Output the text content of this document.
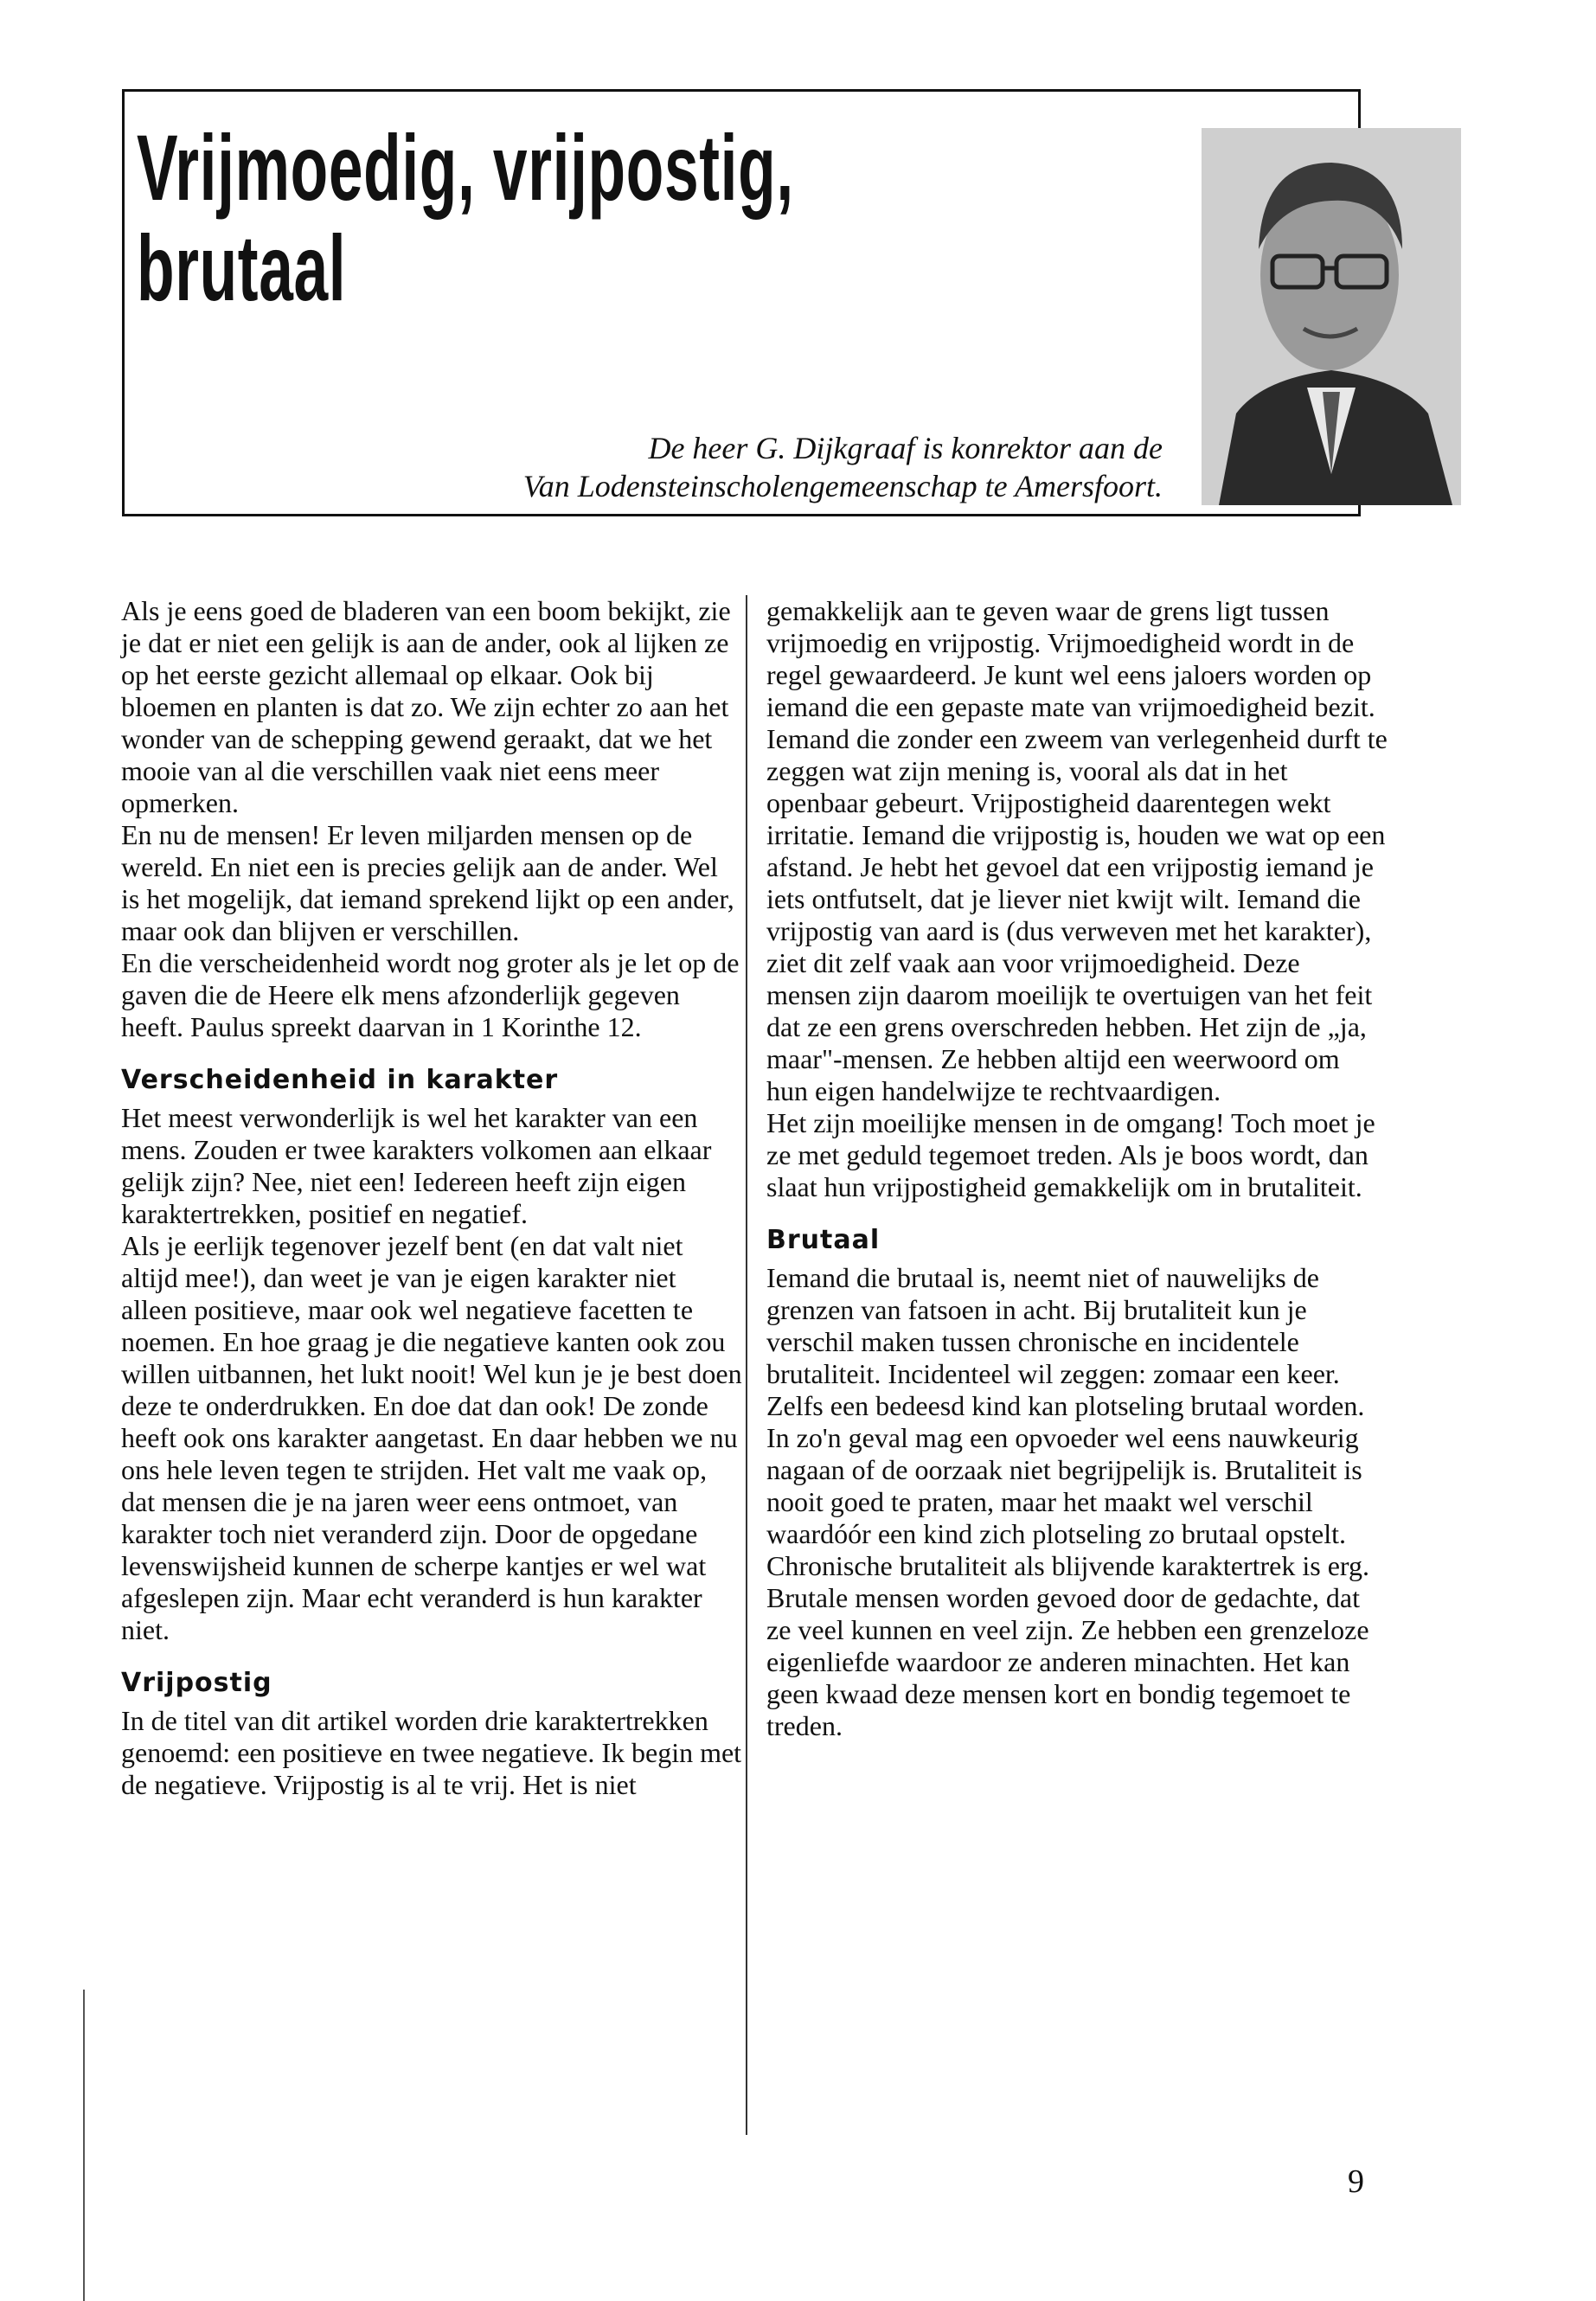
Vrijmoedig, vrijpostig,
brutaal

De heer G. Dijkgraaf is konrektor aan de
Van Lodensteinscholengemeenschap te Amersfoort.

Als je eens goed de bladeren van een boom bekijkt, zie je dat er niet een gelijk is aan de ander, ook al lijken ze op het eerste gezicht allemaal op elkaar. Ook bij bloemen en planten is dat zo. We zijn echter zo aan het wonder van de schepping gewend geraakt, dat we het mooie van al die verschillen vaak niet eens meer opmerken.

En nu de mensen! Er leven miljarden mensen op de wereld. En niet een is precies gelijk aan de ander. Wel is het mogelijk, dat iemand sprekend lijkt op een ander, maar ook dan blijven er verschillen.

En die verscheidenheid wordt nog groter als je let op de gaven die de Heere elk mens afzonderlijk gegeven heeft. Paulus spreekt daarvan in 1 Korinthe 12.

Verscheidenheid in karakter

Het meest verwonderlijk is wel het karakter van een mens. Zouden er twee karakters volkomen aan elkaar gelijk zijn? Nee, niet een! Iedereen heeft zijn eigen karaktertrekken, positief en negatief.

Als je eerlijk tegenover jezelf bent (en dat valt niet altijd mee!), dan weet je van je eigen karakter niet alleen positieve, maar ook wel negatieve facetten te noemen. En hoe graag je die negatieve kanten ook zou willen uitbannen, het lukt nooit! Wel kun je je best doen deze te onderdrukken. En doe dat dan ook! De zonde heeft ook ons karakter aangetast. En daar hebben we nu ons hele leven tegen te strijden. Het valt me vaak op, dat mensen die je na jaren weer eens ontmoet, van karakter toch niet veranderd zijn. Door de opgedane levenswijsheid kunnen de scherpe kantjes er wel wat afgeslepen zijn. Maar echt veranderd is hun karakter niet.

Vrijpostig

In de titel van dit artikel worden drie karaktertrekken genoemd: een positieve en twee negatieve. Ik begin met de negatieve. Vrijpostig is al te vrij. Het is niet

gemakkelijk aan te geven waar de grens ligt tussen vrijmoedig en vrijpostig. Vrijmoedigheid wordt in de regel gewaardeerd. Je kunt wel eens jaloers worden op iemand die een gepaste mate van vrijmoedigheid bezit. Iemand die zonder een zweem van verlegenheid durft te zeggen wat zijn mening is, vooral als dat in het openbaar gebeurt. Vrijpostigheid daarentegen wekt irritatie. Iemand die vrijpostig is, houden we wat op een afstand. Je hebt het gevoel dat een vrijpostig iemand je iets ontfutselt, dat je liever niet kwijt wilt. Iemand die vrijpostig van aard is (dus verweven met het karakter), ziet dit zelf vaak aan voor vrijmoedigheid. Deze mensen zijn daarom moeilijk te overtuigen van het feit dat ze een grens overschreden hebben. Het zijn de „ja, maar"-mensen. Ze hebben altijd een weerwoord om hun eigen handelwijze te rechtvaardigen.

Het zijn moeilijke mensen in de omgang! Toch moet je ze met geduld tegemoet treden. Als je boos wordt, dan slaat hun vrijpostigheid gemakkelijk om in brutaliteit.

Brutaal

Iemand die brutaal is, neemt niet of nauwelijks de grenzen van fatsoen in acht. Bij brutaliteit kun je verschil maken tussen chronische en incidentele brutaliteit. Incidenteel wil zeggen: zomaar een keer. Zelfs een bedeesd kind kan plotseling brutaal worden. In zo'n geval mag een opvoeder wel eens nauwkeurig nagaan of de oorzaak niet begrijpelijk is. Brutaliteit is nooit goed te praten, maar het maakt wel verschil waardóór een kind zich plotseling zo brutaal opstelt.

Chronische brutaliteit als blijvende karaktertrek is erg. Brutale mensen worden gevoed door de gedachte, dat ze veel kunnen en veel zijn. Ze hebben een grenzeloze eigenliefde waardoor ze anderen minachten. Het kan geen kwaad deze mensen kort en bondig tegemoet te treden.

9
